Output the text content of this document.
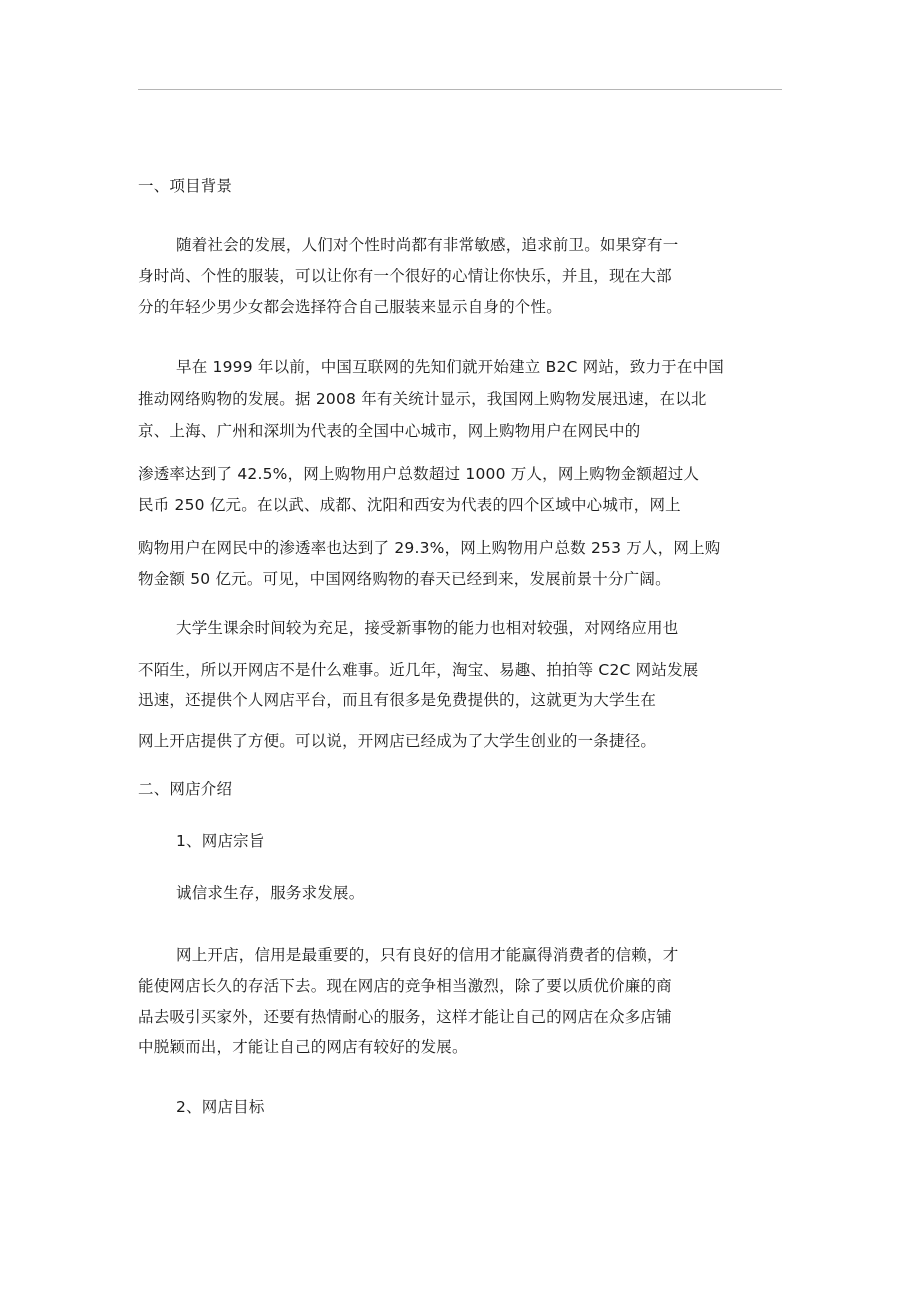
一、项目背景
随着社会的发展，人们对个性时尚都有非常敏感，追求前卫。如果穿有一
身时尚、个性的服装，可以让你有一个很好的心情让你快乐，并且，现在大部
分的年轻少男少女都会选择符合自己服装来显示自身的个性。
早在 1999 年以前，中国互联网的先知们就开始建立 B2C 网站，致力于在中国
推动网络购物的发展。据 2008 年有关统计显示，我国网上购物发展迅速，在以北
京、上海、广州和深圳为代表的全国中心城市，网上购物用户在网民中的
渗透率达到了 42.5%，网上购物用户总数超过 1000 万人，网上购物金额超过人
民币 250 亿元。在以武、成都、沈阳和西安为代表的四个区域中心城市，网上
购物用户在网民中的渗透率也达到了 29.3%，网上购物用户总数 253 万人，网上购
物金额 50 亿元。可见，中国网络购物的春天已经到来，发展前景十分广阔。
大学生课余时间较为充足，接受新事物的能力也相对较强，对网络应用也
不陌生，所以开网店不是什么难事。近几年，淘宝、易趣、拍拍等 C2C 网站发展
迅速，还提供个人网店平台，而且有很多是免费提供的，这就更为大学生在
网上开店提供了方便。可以说，开网店已经成为了大学生创业的一条捷径。
二、网店介绍
1、网店宗旨
诚信求生存，服务求发展。
网上开店，信用是最重要的，只有良好的信用才能赢得消费者的信赖，才
能使网店长久的存活下去。现在网店的竞争相当激烈，除了要以质优价廉的商
品去吸引买家外，还要有热情耐心的服务，这样才能让自己的网店在众多店铺
中脱颖而出，才能让自己的网店有较好的发展。
2、网店目标
